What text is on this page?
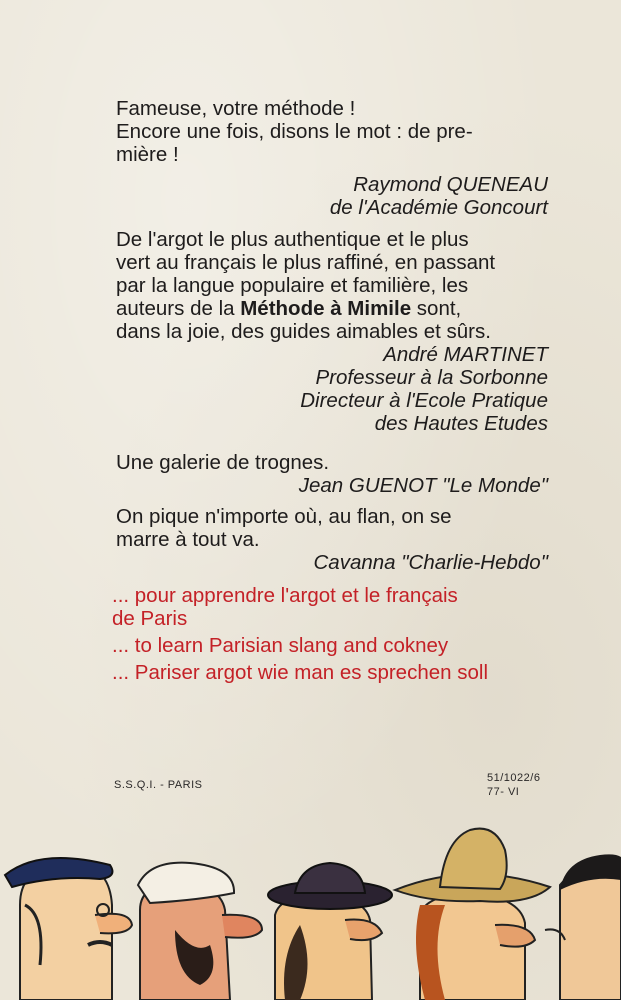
Fameuse, votre méthode !
Encore une fois, disons le mot : de pre-
mière !
Raymond QUENEAU
de l'Académie Goncourt
De l'argot le plus authentique et le plus
vert au français le plus raffiné, en passant
par la langue populaire et familière, les
auteurs de la Méthode à Mimile sont,
dans la joie, des guides aimables et sûrs.
André MARTINET
Professeur à la Sorbonne
Directeur à l'Ecole Pratique
des Hautes Etudes
Une galerie de trognes.
Jean GUENOT "Le Monde"
On pique n'importe où, au flan, on se
marre à tout va.
Cavanna "Charlie-Hebdo"
... pour apprendre l'argot et le français
de Paris
... to learn Parisian slang and cokney
... Pariser argot wie man es sprechen soll
S.S.Q.I. - PARIS
51/1022/6
77- VI
